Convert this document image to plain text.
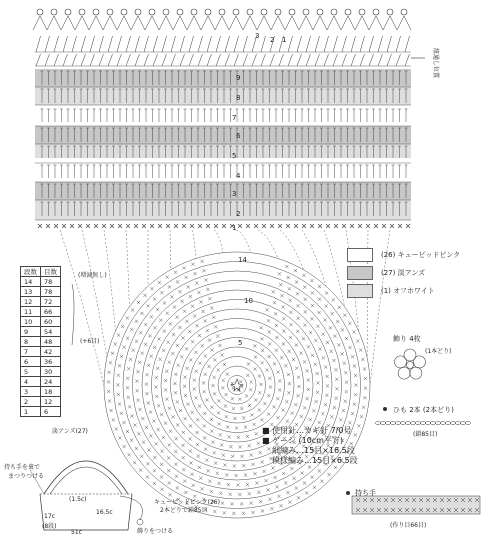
紐通し位置
14
10
5
3 2 1
9
8
7
6
5
4
3
2
1
(26) キューピッドピンク
(27) 淡アンズ
(1) オフホワイト
段数	目数
14	78
13	78
12	72
11	66
10	60
9	54
8	48
7	42
6	36
5	30
4	24
3	18
2	12
1	6
(増減無し)
(+6目)
■ 使用針…カギ針 7/0号
■ ゲージ (10cm平方)
細編み…15目×16.5段
模様編み…15目×6.5段
飾り 4枚
(1本どり)
ひも 2本 (2本どり)
(鎖85目)
持ち手
(作り目66目)
淡アンズ(27)
持ち手を裏で
まつりつける
(1.5c)
17c
(8段)
16.5c
51c
キューピッドピンク(26)
2本どりで鎖85目
飾りをつける
